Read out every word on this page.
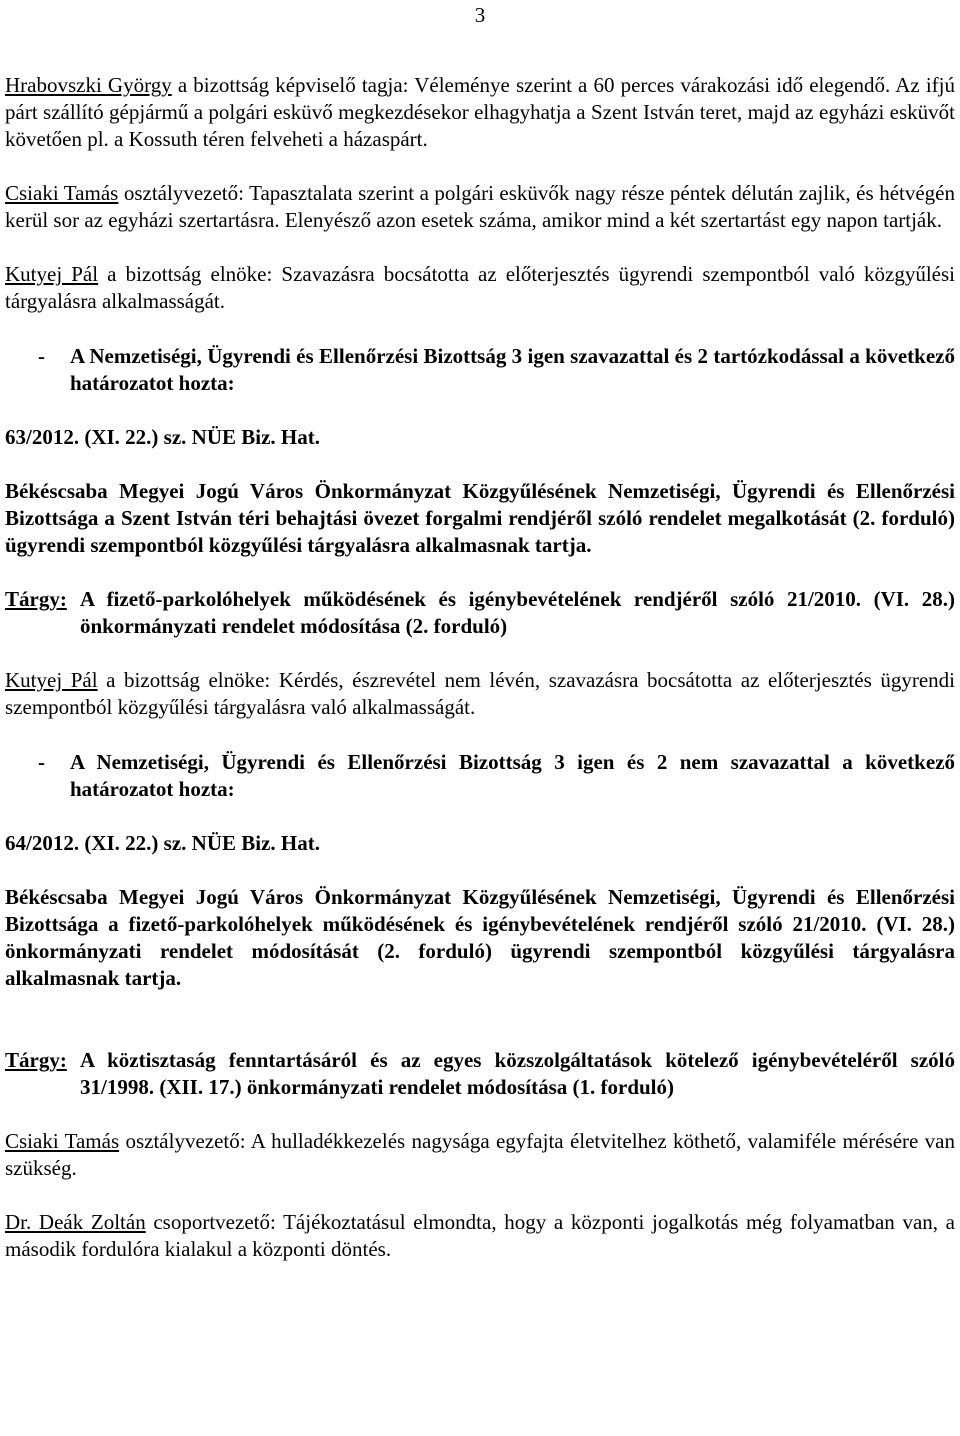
3

Hrabovszki György a bizottság képviselő tagja: Véleménye szerint a 60 perces várakozási idő elegendő. Az ifjú párt szállító gépjármű a polgári esküvő megkezdésekor elhagyhatja a Szent István teret, majd az egyházi esküvőt követően pl. a Kossuth téren felveheti a házaspárt.

Csiaki Tamás osztályvezető: Tapasztalata szerint a polgári esküvők nagy része péntek délután zajlik, és hétvégén kerül sor az egyházi szertartásra. Elenyésző azon esetek száma, amikor mind a két szertartást egy napon tartják.

Kutyej Pál a bizottság elnöke: Szavazásra bocsátotta az előterjesztés ügyrendi szempontból való közgyűlési tárgyalásra alkalmasságát.

-	A Nemzetiségi, Ügyrendi és Ellenőrzési Bizottság 3 igen szavazattal és 2 tartózkodással a következő határozatot hozta:

63/2012. (XI. 22.) sz. NÜE Biz. Hat.

Békéscsaba Megyei Jogú Város Önkormányzat Közgyűlésének Nemzetiségi, Ügyrendi és Ellenőrzési Bizottsága a Szent István téri behajtási övezet forgalmi rendjéről szóló rendelet megalkotását (2. forduló) ügyrendi szempontból közgyűlési tárgyalásra alkalmasnak tartja.

Tárgy: A fizető-parkolóhelyek működésének és igénybevételének rendjéről szóló 21/2010. (VI. 28.) önkormányzati rendelet módosítása (2. forduló)

Kutyej Pál a bizottság elnöke: Kérdés, észrevétel nem lévén, szavazásra bocsátotta az előterjesztés ügyrendi szempontból közgyűlési tárgyalásra való alkalmasságát.

-	A Nemzetiségi, Ügyrendi és Ellenőrzési Bizottság 3 igen és 2 nem szavazattal a következő határozatot hozta:

64/2012. (XI. 22.) sz. NÜE Biz. Hat.

Békéscsaba Megyei Jogú Város Önkormányzat Közgyűlésének Nemzetiségi, Ügyrendi és Ellenőrzési Bizottsága a fizető-parkolóhelyek működésének és igénybevételének rendjéről szóló 21/2010. (VI. 28.) önkormányzati rendelet módosítását (2. forduló) ügyrendi szempontból közgyűlési tárgyalásra alkalmasnak tartja.

Tárgy: A köztisztaság fenntartásáról és az egyes közszolgáltatások kötelező igénybevételéről szóló 31/1998. (XII. 17.) önkormányzati rendelet módosítása (1. forduló)

Csiaki Tamás osztályvezető: A hulladékkezelés nagysága egyfajta életvitelhez köthető, valamiféle mérésére van szükség.

Dr. Deák Zoltán csoportvezető: Tájékoztatásul elmondta, hogy a központi jogalkotás még folyamatban van, a második fordulóra kialakul a központi döntés.
